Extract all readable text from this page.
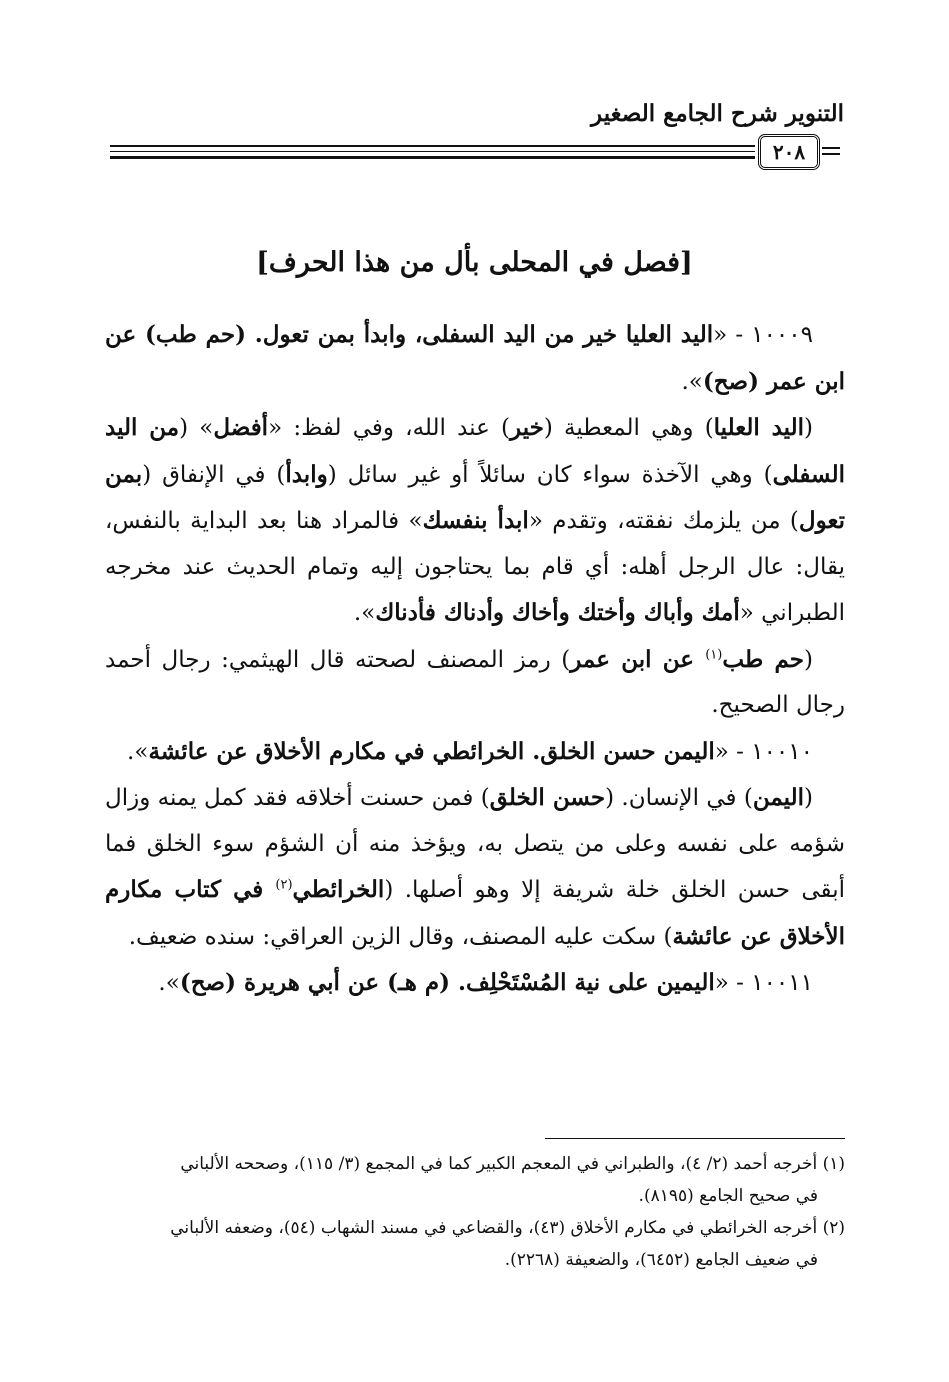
التنوير شرح الجامع الصغير
٢٠٨
[فصل في المحلى بأل من هذا الحرف]

١٠٠٠٩ - «اليد العليا خير من اليد السفلى، وابدأ بمن تعول. (حم طب) عن ابن عمر (صح)».

(اليد العليا) وهي المعطية (خير) عند الله، وفي لفظ: «أفضل» (من اليد السفلى) وهي الآخذة سواء كان سائلاً أو غير سائل (وابدأ) في الإنفاق (بمن تعول) من يلزمك نفقته، وتقدم «ابدأ بنفسك» فالمراد هنا بعد البداية بالنفس، يقال: عال الرجل أهله: أي قام بما يحتاجون إليه وتمام الحديث عند مخرجه الطبراني «أمك وأباك وأختك وأخاك وأدناك فأدناك».

(حم طب$^{(١)}$ عن ابن عمر) رمز المصنف لصحته قال الهيثمي: رجال أحمد رجال الصحيح.

١٠٠١٠ - «اليمن حسن الخلق. الخرائطي في مكارم الأخلاق عن عائشة».

(اليمن) في الإنسان. (حسن الخلق) فمن حسنت أخلاقه فقد كمل يمنه وزال شؤمه على نفسه وعلى من يتصل به، ويؤخذ منه أن الشؤم سوء الخلق فما أبقى حسن الخلق خلة شريفة إلا وهو أصلها. (الخرائطي$^{(٢)}$ في كتاب مكارم الأخلاق عن عائشة) سكت عليه المصنف، وقال الزين العراقي: سنده ضعيف.

١٠٠١١ - «اليمين على نية المُسْتَحْلِف. (م هـ) عن أبي هريرة (صح)».

(١) أخرجه أحمد (٢/ ٤)، والطبراني في المعجم الكبير كما في المجمع (٣/ ١١٥)، وصححه الألباني

في صحيح الجامع (٨١٩٥).

(٢) أخرجه الخرائطي في مكارم الأخلاق (٤٣)، والقضاعي في مسند الشهاب (٥٤)، وضعفه الألباني

في ضعيف الجامع (٦٤٥٢)، والضعيفة (٢٢٦٨).
